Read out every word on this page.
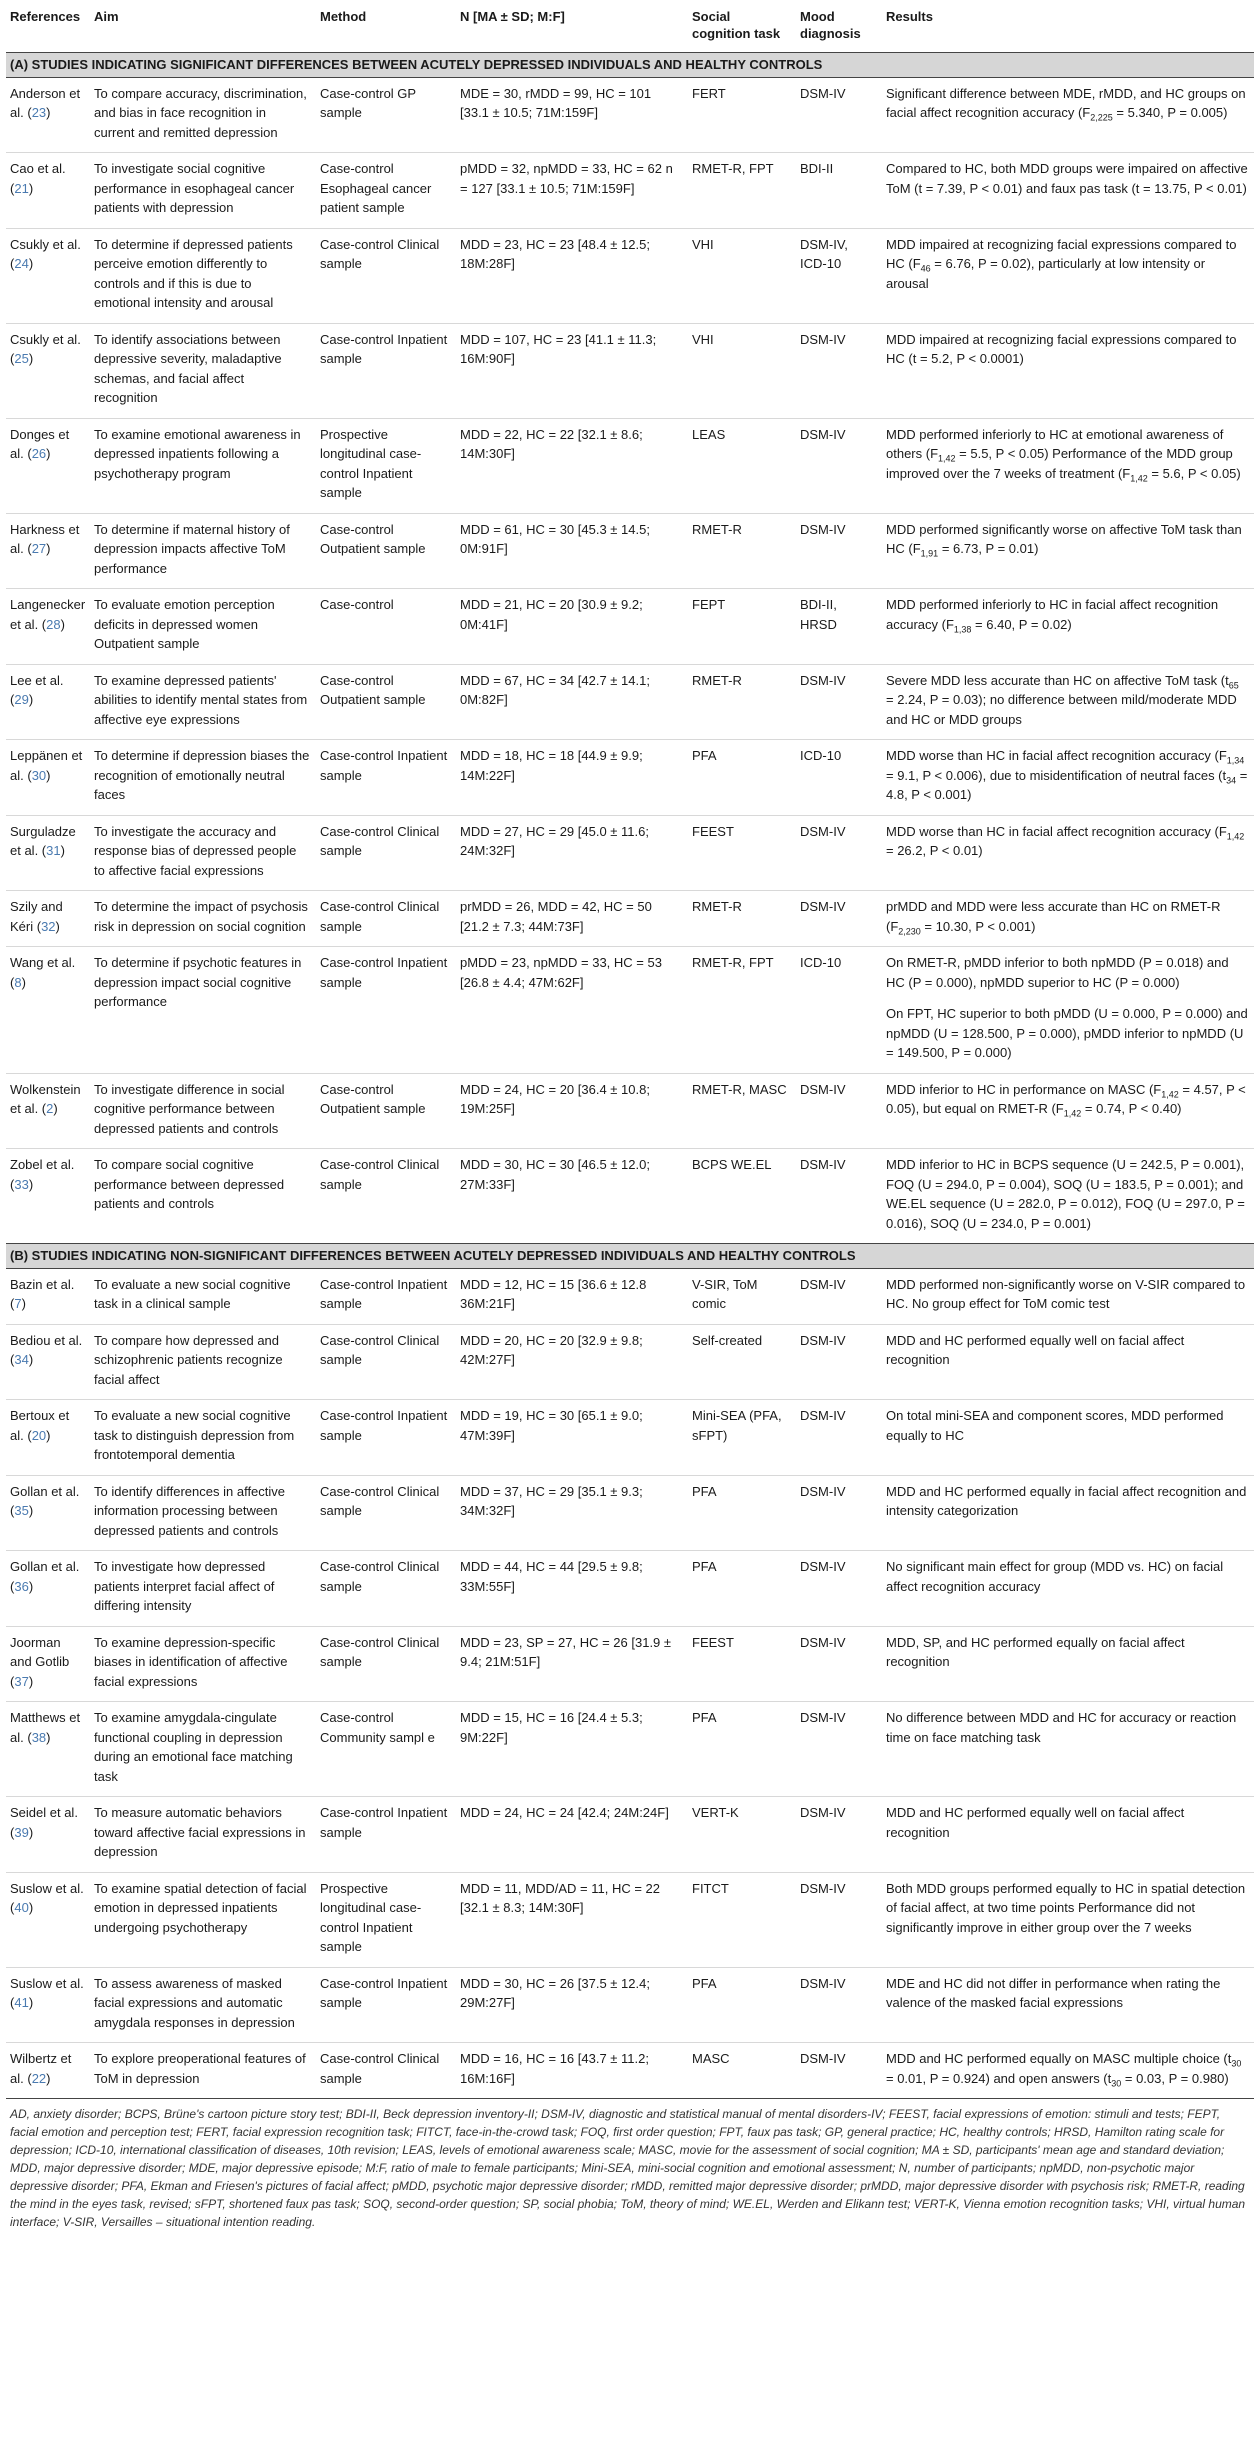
References	Aim	Method	N [MA ± SD; M:F]	Social cognition task	Mood diagnosis	Results
(A) STUDIES INDICATING SIGNIFICANT DIFFERENCES BETWEEN ACUTELY DEPRESSED INDIVIDUALS AND HEALTHY CONTROLS						
Anderson et al. (23)	To compare accuracy, discrimination, and bias in face recognition in current and remitted depression	Case-control GP sample	MDE = 30, rMDD = 99, HC = 101 [33.1 ± 10.5; 71M:159F]	FERT	DSM-IV	Significant difference between MDE, rMDD, and HC groups on facial affect recognition accuracy ($F_{2,225} = 5.340$, P = 0.005)

Cao et al. (21)	To investigate social cognitive performance in esophageal cancer patients with depression	Case-control Esophageal cancer patient sample	pMDD = 32, npMDD = 33, HC = 62 n = 127 [33.1 ± 10.5; 71M:159F]	RMET-R, FPT	BDI-II	Compared to HC, both MDD groups were impaired on affective ToM (t = 7.39, P < 0.01) and faux pas task (t = 13.75, P < 0.01)

Csukly et al. (24)	To determine if depressed patients perceive emotion differently to controls and if this is due to emotional intensity and arousal	Case-control Clinical sample	MDD = 23, HC = 23 [48.4 ± 12.5; 18M:28F]	VHI	DSM-IV, ICD-10	MDD impaired at recognizing facial expressions compared to HC ($F_{46} = 6.76$, P = 0.02), particularly at low intensity or arousal

Csukly et al. (25)	To identify associations between depressive severity, maladaptive schemas, and facial affect recognition	Case-control Inpatient sample	MDD = 107, HC = 23 [41.1 ± 11.3; 16M:90F]	VHI	DSM-IV	MDD impaired at recognizing facial expressions compared to HC (t = 5.2, P < 0.0001)

Donges et al. (26)	To examine emotional awareness in depressed inpatients following a psychotherapy program	Prospective longitudinal case-control Inpatient sample	MDD = 22, HC = 22 [32.1 ± 8.6; 14M:30F]	LEAS	DSM-IV	MDD performed inferiorly to HC at emotional awareness of others ($F_{1,42} = 5.5$, P < 0.05) Performance of the MDD group improved over the 7 weeks of treatment ($F_{1,42} = 5.6$, P < 0.05)

Harkness et al. (27)	To determine if maternal history of depression impacts affective ToM performance	Case-control Outpatient sample	MDD = 61, HC = 30 [45.3 ± 14.5; 0M:91F]	RMET-R	DSM-IV	MDD performed significantly worse on affective ToM task than HC ($F_{1,91} = 6.73$, P = 0.01)

Langenecker et al. (28)	To evaluate emotion perception deficits in depressed women Outpatient sample	Case-control	MDD = 21, HC = 20 [30.9 ± 9.2; 0M:41F]	FEPT	BDI-II, HRSD	MDD performed inferiorly to HC in facial affect recognition accuracy ($F_{1,38} = 6.40$, P = 0.02)

Lee et al. (29)	To examine depressed patients' abilities to identify mental states from affective eye expressions	Case-control Outpatient sample	MDD = 67, HC = 34 [42.7 ± 14.1; 0M:82F]	RMET-R	DSM-IV	Severe MDD less accurate than HC on affective ToM task ($t_{65} = 2.24$, P = 0.03); no difference between mild/moderate MDD and HC or MDD groups

Leppänen et al. (30)	To determine if depression biases the recognition of emotionally neutral faces	Case-control Inpatient sample	MDD = 18, HC = 18 [44.9 ± 9.9; 14M:22F]	PFA	ICD-10	MDD worse than HC in facial affect recognition accuracy ($F_{1,34} = 9.1$, P < 0.006), due to misidentification of neutral faces ($t_{34} = 4.8$, P < 0.001)

Surguladze et al. (31)	To investigate the accuracy and response bias of depressed people to affective facial expressions	Case-control Clinical sample	MDD = 27, HC = 29 [45.0 ± 11.6; 24M:32F]	FEEST	DSM-IV	MDD worse than HC in facial affect recognition accuracy ($F_{1,42} = 26.2$, P < 0.01)

Szily and Kéri (32)	To determine the impact of psychosis risk in depression on social cognition	Case-control Clinical sample	prMDD = 26, MDD = 42, HC = 50 [21.2 ± 7.3; 44M:73F]	RMET-R	DSM-IV	prMDD and MDD were less accurate than HC on RMET-R ($F_{2,230} = 10.30$, P < 0.001)

Wang et al. (8)	To determine if psychotic features in depression impact social cognitive performance	Case-control Inpatient sample	pMDD = 23, npMDD = 33, HC = 53 [26.8 ± 4.4; 47M:62F]	RMET-R, FPT	ICD-10	On RMET-R, pMDD inferior to both npMDD (P = 0.018) and HC (P = 0.000), npMDD superior to HC (P = 0.000)
On FPT, HC superior to both pMDD (U = 0.000, P = 0.000) and npMDD (U = 128.500, P = 0.000), pMDD inferior to npMDD (U = 149.500, P = 0.000)

Wolkenstein et al. (2)	To investigate difference in social cognitive performance between depressed patients and controls	Case-control Outpatient sample	MDD = 24, HC = 20 [36.4 ± 10.8; 19M:25F]	RMET-R, MASC	DSM-IV	MDD inferior to HC in performance on MASC ($F_{1,42} = 4.57$, P < 0.05), but equal on RMET-R ($F_{1,42} = 0.74$, P < 0.40)

Zobel et al. (33)	To compare social cognitive performance between depressed patients and controls	Case-control Clinical sample	MDD = 30, HC = 30 [46.5 ± 12.0; 27M:33F]	BCPS WE.EL	DSM-IV	MDD inferior to HC in BCPS sequence (U = 242.5, P = 0.001), FOQ (U = 294.0, P = 0.004), SOQ (U = 183.5, P = 0.001); and WE.EL sequence (U = 282.0, P = 0.012), FOQ (U = 297.0, P = 0.016), SOQ (U = 234.0, P = 0.001)

(B) STUDIES INDICATING NON-SIGNIFICANT DIFFERENCES BETWEEN ACUTELY DEPRESSED INDIVIDUALS AND HEALTHY CONTROLS						
Bazin et al. (7)	To evaluate a new social cognitive task in a clinical sample	Case-control Inpatient sample	MDD = 12, HC = 15 [36.6 ± 12.8 36M:21F]	V-SIR, ToM comic	DSM-IV	MDD performed non-significantly worse on V-SIR compared to HC. No group effect for ToM comic test

Bediou et al. (34)	To compare how depressed and schizophrenic patients recognize facial affect	Case-control Clinical sample	MDD = 20, HC = 20 [32.9 ± 9.8; 42M:27F]	Self-created	DSM-IV	MDD and HC performed equally well on facial affect recognition

Bertoux et al. (20)	To evaluate a new social cognitive task to distinguish depression from frontotemporal dementia	Case-control Inpatient sample	MDD = 19, HC = 30 [65.1 ± 9.0; 47M:39F]	Mini-SEA (PFA, sFPT)	DSM-IV	On total mini-SEA and component scores, MDD performed equally to HC

Gollan et al. (35)	To identify differences in affective information processing between depressed patients and controls	Case-control Clinical sample	MDD = 37, HC = 29 [35.1 ± 9.3; 34M:32F]	PFA	DSM-IV	MDD and HC performed equally in facial affect recognition and intensity categorization

Gollan et al. (36)	To investigate how depressed patients interpret facial affect of differing intensity	Case-control Clinical sample	MDD = 44, HC = 44 [29.5 ± 9.8; 33M:55F]	PFA	DSM-IV	No significant main effect for group (MDD vs. HC) on facial affect recognition accuracy

Joorman and Gotlib (37)	To examine depression-specific biases in identification of affective facial expressions	Case-control Clinical sample	MDD = 23, SP = 27, HC = 26 [31.9 ± 9.4; 21M:51F]	FEEST	DSM-IV	MDD, SP, and HC performed equally on facial affect recognition

Matthews et al. (38)	To examine amygdala-cingulate functional coupling in depression during an emotional face matching task	Case-control Community sampl e	MDD = 15, HC = 16 [24.4 ± 5.3; 9M:22F]	PFA	DSM-IV	No difference between MDD and HC for accuracy or reaction time on face matching task

Seidel et al. (39)	To measure automatic behaviors toward affective facial expressions in depression	Case-control Inpatient sample	MDD = 24, HC = 24 [42.4; 24M:24F]	VERT-K	DSM-IV	MDD and HC performed equally well on facial affect recognition

Suslow et al. (40)	To examine spatial detection of facial emotion in depressed inpatients undergoing psychotherapy	Prospective longitudinal case-control Inpatient sample	MDD = 11, MDD/AD = 11, HC = 22 [32.1 ± 8.3; 14M:30F]	FITCT	DSM-IV	Both MDD groups performed equally to HC in spatial detection of facial affect, at two time points Performance did not significantly improve in either group over the 7 weeks

Suslow et al. (41)	To assess awareness of masked facial expressions and automatic amygdala responses in depression	Case-control Inpatient sample	MDD = 30, HC = 26 [37.5 ± 12.4; 29M:27F]	PFA	DSM-IV	MDE and HC did not differ in performance when rating the valence of the masked facial expressions

Wilbertz et al. (22)	To explore preoperational features of ToM in depression	Case-control Clinical sample	MDD = 16, HC = 16 [43.7 ± 11.2; 16M:16F]	MASC	DSM-IV	MDD and HC performed equally on MASC multiple choice ($t_{30} = 0.01$, P = 0.924) and open answers ($t_{30} = 0.03$, P = 0.980)
AD, anxiety disorder; BCPS, Brüne's cartoon picture story test; BDI-II, Beck depression inventory-II; DSM-IV, diagnostic and statistical manual of mental disorders-IV; FEEST, facial expressions of emotion: stimuli and tests; FEPT, facial emotion and perception test; FERT, facial expression recognition task; FITCT, face-in-the-crowd task; FOQ, first order question; FPT, faux pas task; GP, general practice; HC, healthy controls; HRSD, Hamilton rating scale for depression; ICD-10, international classification of diseases, 10th revision; LEAS, levels of emotional awareness scale; MASC, movie for the assessment of social cognition; MA ± SD, participants' mean age and standard deviation; MDD, major depressive disorder; MDE, major depressive episode; M:F, ratio of male to female participants; Mini-SEA, mini-social cognition and emotional assessment; N, number of participants; npMDD, non-psychotic major depressive disorder; PFA, Ekman and Friesen's pictures of facial affect; pMDD, psychotic major depressive disorder; rMDD, remitted major depressive disorder; prMDD, major depressive disorder with psychosis risk; RMET-R, reading the mind in the eyes task, revised; sFPT, shortened faux pas task; SOQ, second-order question; SP, social phobia; ToM, theory of mind; WE.EL, Werden and Elikann test; VERT-K, Vienna emotion recognition tasks; VHI, virtual human interface; V-SIR, Versailles – situational intention reading.
